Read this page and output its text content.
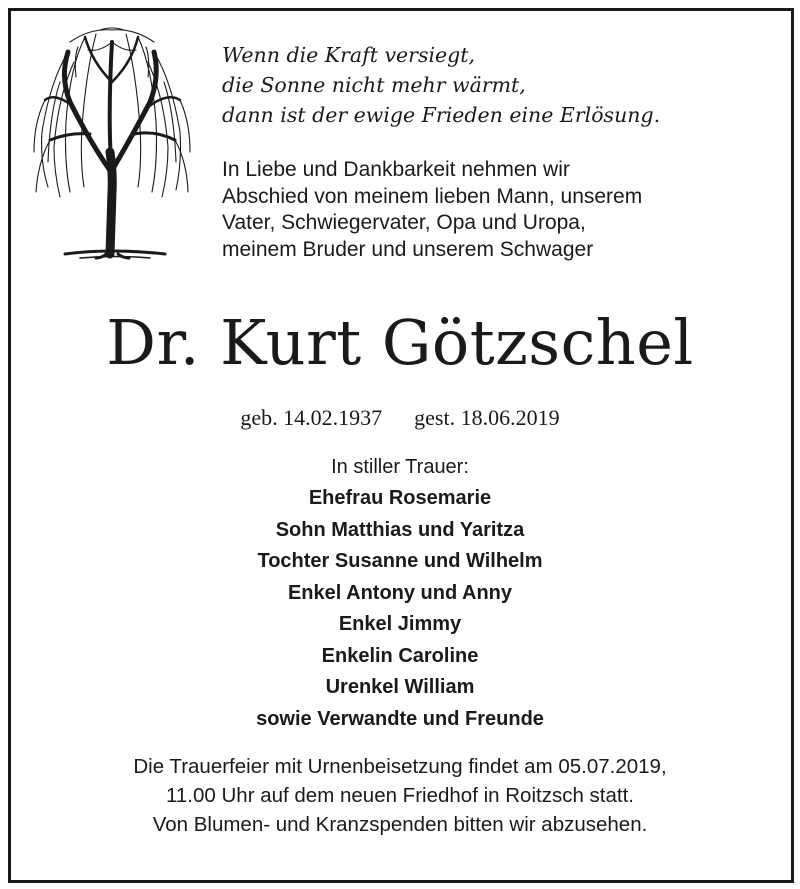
Wenn die Kraft versiegt,
die Sonne nicht mehr wärmt,
dann ist der ewige Frieden eine Erlösung.
In Liebe und Dankbarkeit nehmen wir
Abschied von meinem lieben Mann, unserem
Vater, Schwiegervater, Opa und Uropa,
meinem Bruder und unserem Schwager
Dr. Kurt Götzschel
geb. 14.02.1937 gest. 18.06.2019
In stiller Trauer:
Ehefrau Rosemarie
Sohn Matthias und Yaritza
Tochter Susanne und Wilhelm
Enkel Antony und Anny
Enkel Jimmy
Enkelin Caroline
Urenkel William
sowie Verwandte und Freunde
Die Trauerfeier mit Urnenbeisetzung findet am 05.07.2019,
11.00 Uhr auf dem neuen Friedhof in Roitzsch statt.
Von Blumen- und Kranzspenden bitten wir abzusehen.
